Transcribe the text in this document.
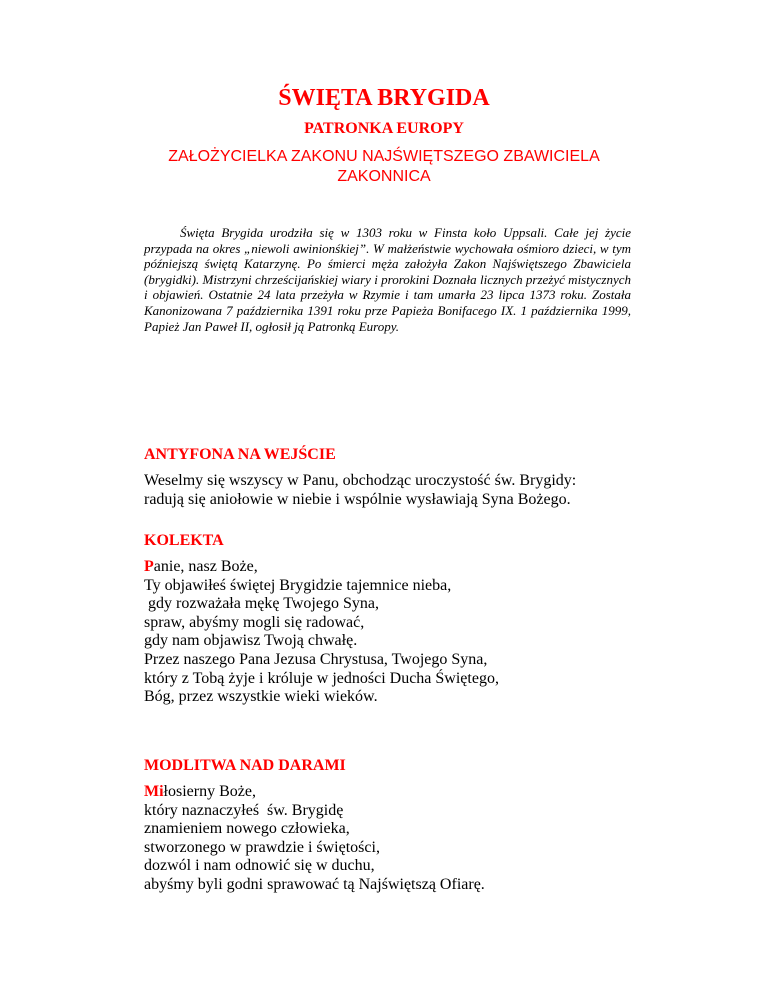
ŚWIĘTA BRYGIDA
PATRONKA EUROPY
ZAŁOŻYCIELKA ZAKONU NAJŚWIĘTSZEGO ZBAWICIELA
ZAKONNICA

Święta Brygida urodziła się w 1303 roku w Finsta koło Uppsali. Całe jej życie przypada na okres „niewoli awinionśkiej”. W małżeństwie wychowała ośmioro dzieci, w tym późniejszą świętą Katarzynę. Po śmierci męża założyła Zakon Najświętszego Zbawiciela (brygidki). Mistrzyni chrześcijańskiej wiary i prorokini Doznała licznych przeżyć mistycznych i objawień. Ostatnie 24 lata przeżyła w Rzymie i tam umarła 23 lipca 1373 roku. Została Kanonizowana 7 października 1391 roku prze Papieża Bonifacego IX. 1 października 1999, Papież Jan Paweł II, ogłosił ją Patronką Europy.

ANTYFONA NA WEJŚCIE
Weselmy się wszyscy w Panu, obchodząc uroczystość św. Brygidy:
radują się aniołowie w niebie i wspólnie wysławiają Syna Bożego.
KOLEKTA
Panie, nasz Boże,
Ty objawiłeś świętej Brygidzie tajemnice nieba,
gdy rozważała mękę Twojego Syna,
spraw, abyśmy mogli się radować,
gdy nam objawisz Twoją chwałę.
Przez naszego Pana Jezusa Chrystusa, Twojego Syna,
który z Tobą żyje i króluje w jedności Ducha Świętego,
Bóg, przez wszystkie wieki wieków.
MODLITWA NAD DARAMI
Miłosierny Boże,
który naznaczyłeś  św. Brygidę
znamieniem nowego człowieka,
stworzonego w prawdzie i świętości,
dozwól i nam odnowić się w duchu,
abyśmy byli godni sprawować tą Najświętszą Ofiarę.
